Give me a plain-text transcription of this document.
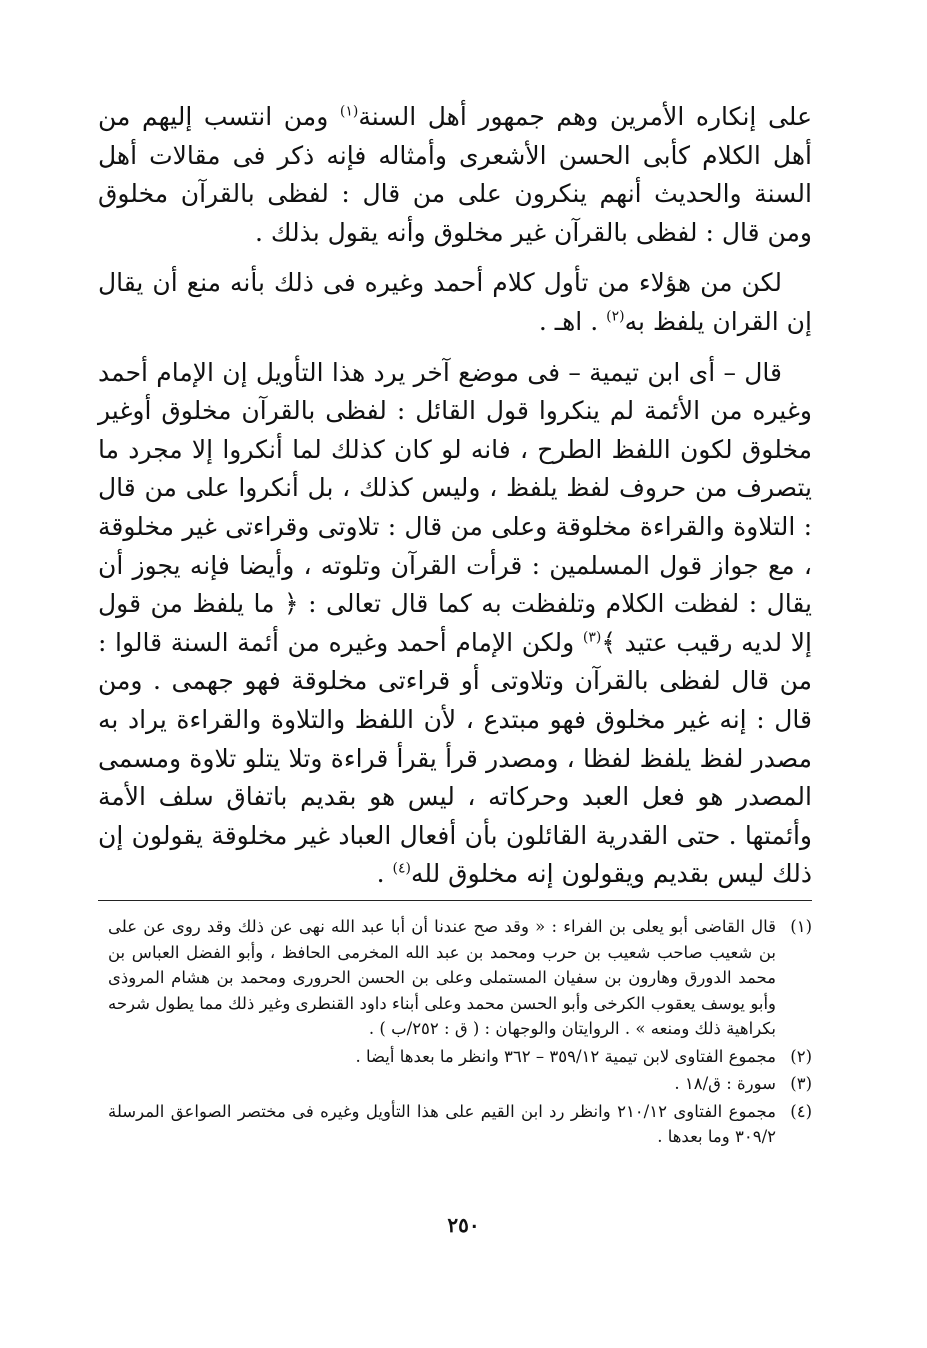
على إنكاره الأمرين وهم جمهور أهل السنة$^{(١)}$ ومن انتسب إليهم من أهل الكلام كأبى الحسن الأشعرى وأمثاله فإنه ذكر فى مقالات أهل السنة والحديث أنهم ينكرون على من قال : لفظى بالقرآن مخلوق ومن قال : لفظى بالقرآن غير مخلوق وأنه يقول بذلك .

لكن من هؤلاء من تأول كلام أحمد وغيره فى ذلك بأنه منع أن يقال إن القران يلفظ به$^{(٢)}$ . اهـ .

قال – أى ابن تيمية – فى موضع آخر يرد هذا التأويل إن الإمام أحمد وغيره من الأئمة لم ينكروا قول القائل : لفظى بالقرآن مخلوق أوغير مخلوق لكون اللفظ الطرح ، فانه لو كان كذلك لما أنكروا إلا مجرد ما يتصرف من حروف لفظ يلفظ ، وليس كذلك ، بل أنكروا على من قال : التلاوة والقراءة مخلوقة وعلى من قال : تلاوتى وقراءتى غير مخلوقة ، مع جواز قول المسلمين : قرأت القرآن وتلوته ، وأيضا فإنه يجوز أن يقال : لفظت الكلام وتلفظت به كما قال تعالى : ﴿ ما يلفظ من قول إلا لديه رقيب عتيد ﴾$^{(٣)}$ ولكن الإمام أحمد وغيره من أئمة السنة قالوا : من قال لفظى بالقرآن وتلاوتى أو قراءتى مخلوقة فهو جهمى . ومن قال : إنه غير مخلوق فهو مبتدع ، لأن اللفظ والتلاوة والقراءة يراد به مصدر لفظ يلفظ لفظا ، ومصدر قرأ يقرأ قراءة وتلا يتلو تلاوة ومسمى المصدر هو فعل العبد وحركاته ، ليس هو بقديم باتفاق سلف الأمة وأئمتها . حتى القدرية القائلون بأن أفعال العباد غير مخلوقة يقولون إن ذلك ليس بقديم ويقولون إنه مخلوق لله$^{(٤)}$ .

(١)
قال القاضى أبو يعلى بن الفراء : « وقد صح عندنا أن أبا عبد الله نهى عن ذلك وقد روى عن على بن شعيب صاحب شعيب بن حرب ومحمد بن عبد الله المخرمى الحافظ ، وأبو الفضل العباس بن محمد الدورق وهارون بن سفيان المستملى وعلى بن الحسن الحرورى ومحمد بن هشام المروذى وأبو يوسف يعقوب الكرخى وأبو الحسن محمد وعلى أبناء داود القنطرى وغير ذلك مما يطول شرحه بكراهية ذلك ومنعه » . الروايتان والوجهان : ( ق : ٢٥٢/ب ) .
(٢)
مجموع الفتاوى لابن تيمية ٣٥٩/١٢ – ٣٦٢ وانظر ما بعدها أيضا .
(٣)
سورة : ق/١٨ .
(٤)
مجموع الفتاوى ٢١٠/١٢ وانظر رد ابن القيم على هذا التأويل وغيره فى مختصر الصواعق المرسلة ٣٠٩/٢ وما بعدها .
٢٥٠
